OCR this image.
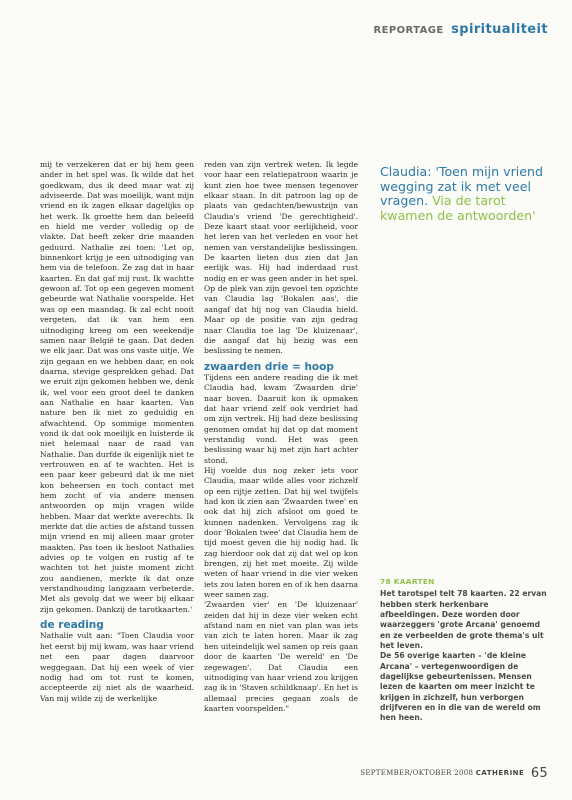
REPORTAGE spiritualiteit

mij te verzekeren dat er bij hem geen ander in het spel was. Ik wilde dat het goedkwam, dus ik deed maar wat zij adviseerde. Dat was moeilijk, want mijn vriend en ik zagen elkaar dagelijks op het werk. Ik groette hem dan beleefd en hield me verder volledig op de vlakte. Dat heeft zeker drie maanden geduurd. Nathalie zei toen: 'Let op, binnenkort krijg je een uitnodiging van hem via de telefoon. Ze zag dat in haar kaarten. En dat gaf mij rust. Ik wachtte gewoon af. Tot op een gegeven moment gebeurde wat Nathalie voorspelde. Het was op een maandag. Ik zal echt nooit vergeten, dat ik van hem een uitnodiging kreeg om een weekendje samen naar België te gaan. Dat deden we elk jaar. Dat was ons vaste uitje. We zijn gegaan en we hebben daar, en ook daarna, stevige gesprekken gehad. Dat we eruit zijn gekomen hebben we, denk ik, wel voor een groot deel te danken aan Nathalie en haar kaarten. Van nature ben ik niet zo geduldig en afwachtend. Op sommige momenten vond ik dat ook moeilijk en luisterde ik niet helemaal naar de raad van Nathalie. Dan durfde ik eigenlijk niet te vertrouwen en af te wachten. Het is een paar keer gebeurd dat ik me niet kon beheersen en toch contact met hem zocht of via andere mensen antwoorden op mijn vragen wilde hebben. Maar dat werkte averechts. Ik merkte dat die acties de afstand tussen mijn vriend en mij alleen maar groter maakten. Pas toen ik besloot Nathalies advies op te volgen en rustig af te wachten tot het juiste moment zicht zou aandienen, merkte ik dat onze verstandhouding langzaam verbeterde. Met als gevolg dat we weer bij elkaar zijn gekomen. Dankzij de tarotkaarten.'

de reading

Nathalie vult aan: "Toen Claudia voor het eerst bij mij kwam, was haar vriend net een paar dagen daarvoor weggegaan. Dat hij een week of vier nodig had om tot rust te komen, accepteerde zij niet als de waarheid. Van mij wilde zij de werkelijke

reden van zijn vertrek weten. Ik legde voor haar een relatiepatroon waarin je kunt zien hoe twee mensen tegenover elkaar staan. In dit patroon lag op de plaats van gedachten/bewustzijn van Claudia's vriend 'De gerechtigheid'. Deze kaart staat voor eerlijkheid, voor het leren van het verleden en voor het nemen van verstandelijke beslissingen. De kaarten lieten dus zien dat Jan eerlijk was. Hij had inderdaad rust nodig en er was geen ander in het spel. Op de plek van zijn gevoel ten opzichte van Claudia lag 'Bokalen aas', die aangaf dat hij nog van Claudia hield. Maar op de positie van zijn gedrag naar Claudia toe lag 'De kluizenaar', die aangaf dat hij bezig was een beslissing te nemen.

zwaarden drie = hoop

Tijdens een andere reading die ik met Claudia had, kwam 'Zwaarden drie' naar boven. Daaruit kon ik opmaken dat haar vriend zelf ook verdriet had om zijn vertrek. Hij had deze beslissing genomen omdat hij dat op dat moment verstandig vond. Het was geen beslissing waar hij met zijn hart achter stond.

Hij voelde dus nog zeker iets voor Claudia, maar wilde alles voor zichzelf op een rijtje zetten. Dat hij wel twijfels had kon ik zien aan 'Zwaarden twee' en ook dat hij zich afsloot om goed te kunnen nadenken. Vervolgens zag ik door 'Bokalen twee' dat Claudia hem de tijd moest geven die hij nodig had. Ik zag hierdoor ook dat zij dat wel op kon brengen, zij het met moeite. Zij wilde weten of haar vriend in die vier weken iets zou laten horen en of ik hen daarna weer samen zag.

'Zwaarden vier' en 'De kluizenaar' zeiden dat hij in deze vier weken echt afstand nam en niet van plan was iets van zich te laten horen. Maar ik zag hen uiteindelijk wel samen op reis gaan door de kaarten 'De wereld' en 'De zegewagen'. Dat Claudia een uitnodiging van haar vriend zou krijgen zag ik in 'Staven schildknaap'. En het is allemaal precies gegaan zoals de kaarten voorspelden."

Claudia: 'Toen mijn vriend wegging zat ik met veel vragen. Via de tarot kwamen de antwoorden'
78 KAARTEN

Het tarotspel telt 78 kaarten. 22 ervan hebben sterk herkenbare afbeeldingen. Deze worden door waarzeggers 'grote Arcana' genoemd en ze verbeelden de grote thema's uit het leven.

De 56 overige kaarten – 'de kleine Arcana' – vertegenwoordigen de dagelijkse gebeurtenissen. Mensen lezen de kaarten om meer inzicht te krijgen in zichzelf, hun verborgen drijfveren en in die van de wereld om hen heen.

SEPTEMBER/OKTOBER 2008 CATHERINE 65
